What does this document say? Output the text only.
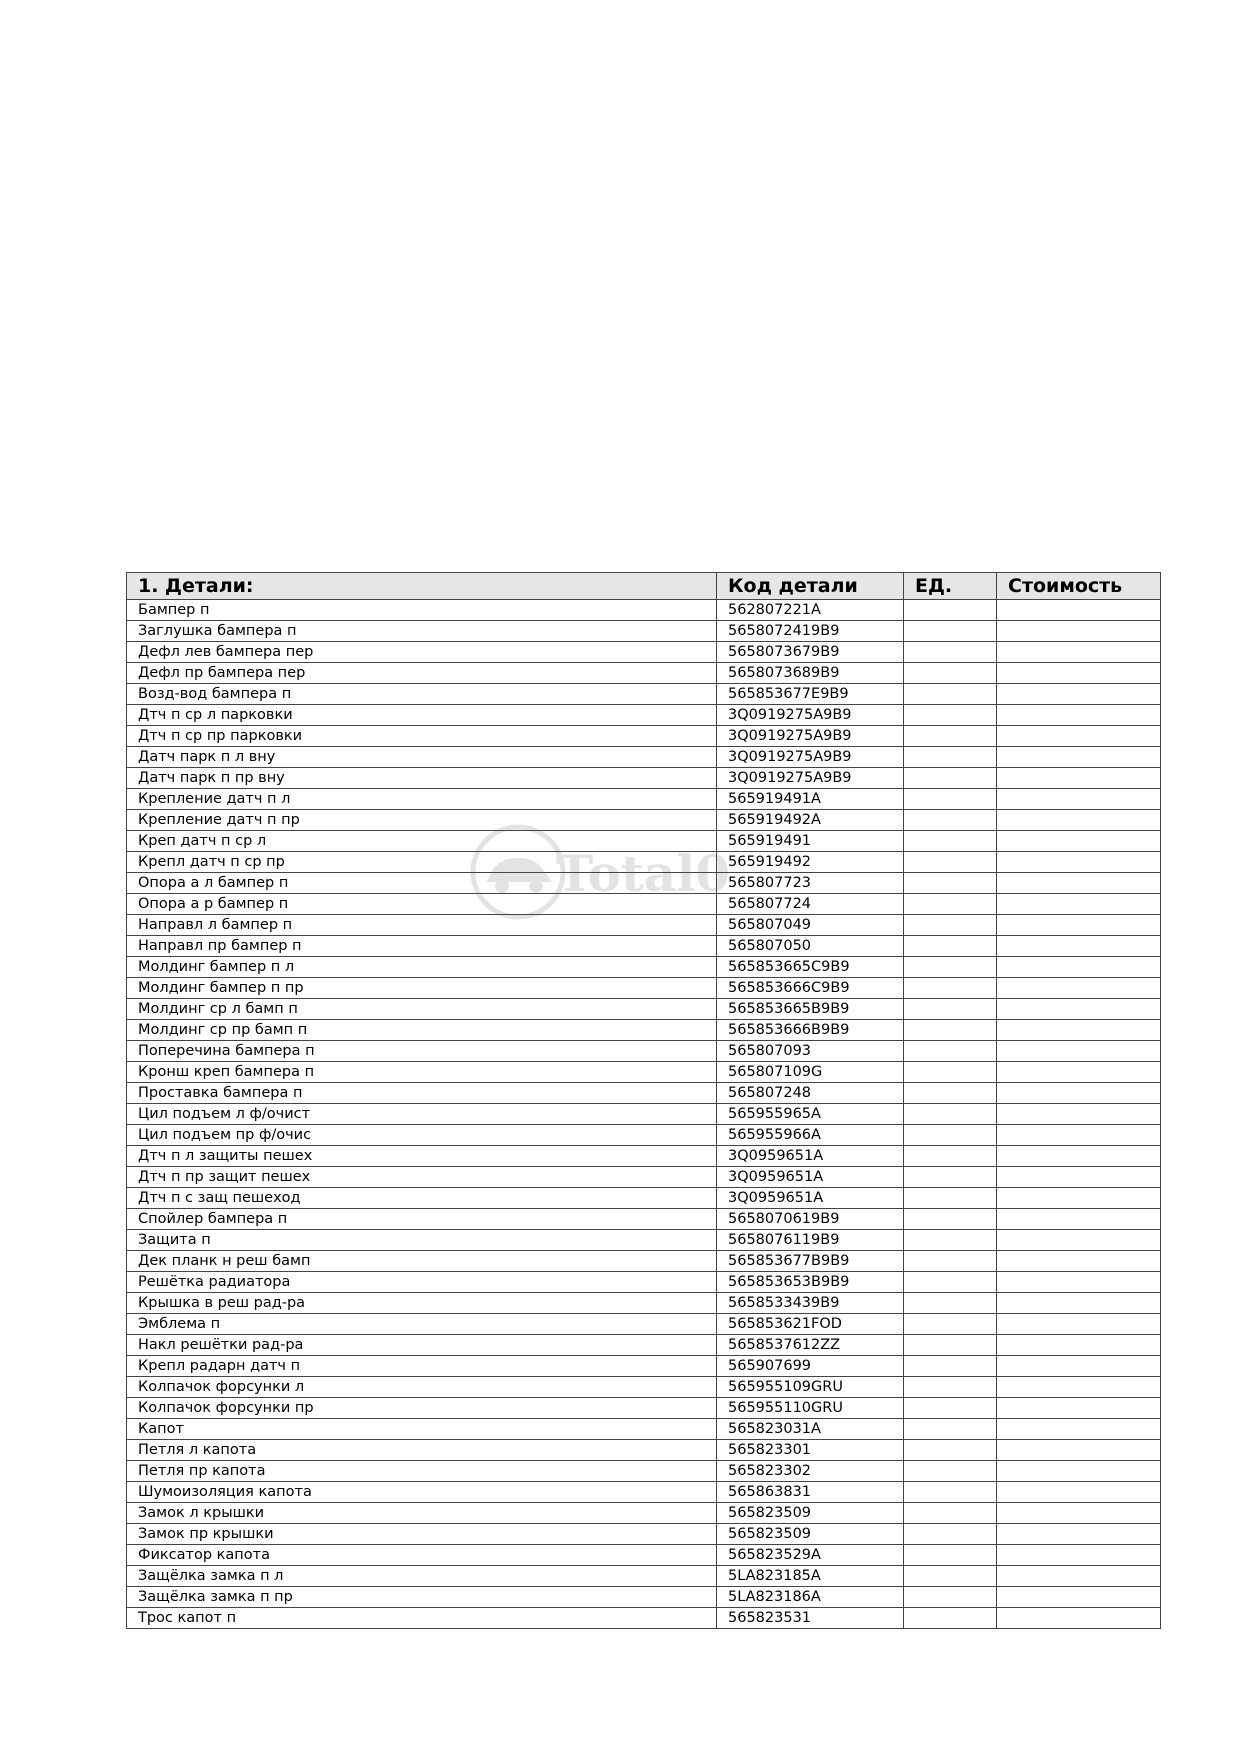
1. Детали:	Код детали	ЕД.	Стоимость
Бампер п	562807221A		
Заглушка бампера п	5658072419B9		
Дефл лев бампера пер	5658073679B9		
Дефл пр бампера пер	5658073689B9		
Возд-вод бампера п	565853677E9B9		
Дтч п ср л парковки	3Q0919275A9B9		
Дтч п ср пр парковки	3Q0919275A9B9		
Датч парк п л вну	3Q0919275A9B9		
Датч парк п пр вну	3Q0919275A9B9		
Крепление датч п л	565919491A		
Крепление датч п пр	565919492A		
Креп датч п ср л	565919491		
Крепл датч п ср пр	565919492		
Опора а л бампер п	565807723		
Опора а р бампер п	565807724		
Направл л бампер п	565807049		
Направл пр бампер п	565807050		
Молдинг бампер п л	565853665C9B9		
Молдинг бампер п пр	565853666C9B9		
Молдинг ср л бамп п	565853665B9B9		
Молдинг ср пр бамп п	565853666B9B9		
Поперечина бампера п	565807093		
Кронш креп бампера п	565807109G		
Проставка бампера п	565807248		
Цил подъем л ф/очист	565955965A		
Цил подъем пр ф/очис	565955966A		
Дтч п л защиты пешех	3Q0959651A		
Дтч п пр защит пешех	3Q0959651A		
Дтч п с защ пешеход	3Q0959651A		
Спойлер бампера п	5658070619B9		
Защита п	5658076119B9		
Дек планк н реш бамп	565853677B9B9		
Решётка радиатора	565853653B9B9		
Крышка в реш рад-ра	5658533439B9		
Эмблема п	565853621FOD		
Накл решётки рад-ра	5658537612ZZ		
Крепл радарн датч п	565907699		
Колпачок форсунки л	565955109GRU		
Колпачок форсунки пр	565955110GRU		
Капот	565823031A		
Петля л капота	565823301		
Петля пр капота	565823302		
Шумоизоляция капота	565863831		
Замок л крышки	565823509		
Замок пр крышки	565823509		
Фиксатор капота	565823529A		
Защёлка замка п л	5LA823185A		
Защёлка замка п пр	5LA823186A		
Трос капот п	565823531		
Total0
